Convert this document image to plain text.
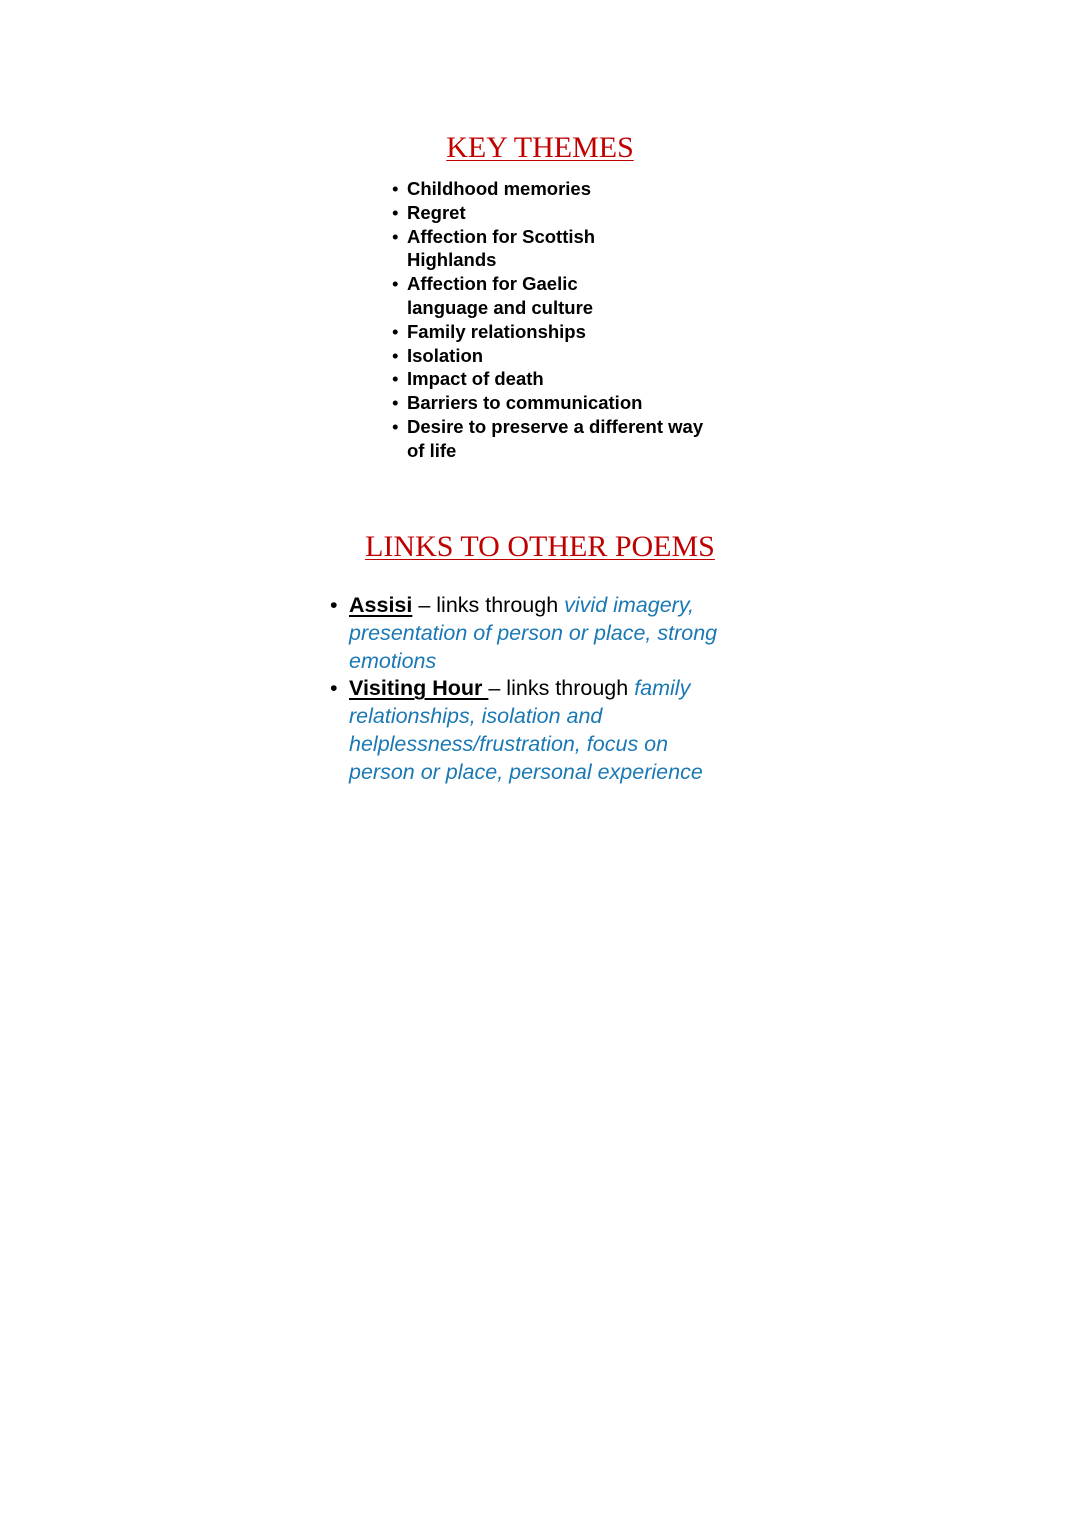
KEY THEMES
• Childhood memories
• Regret
• Affection for Scottish Highlands
• Affection for Gaelic language and culture
• Family relationships
• Isolation
• Impact of death
• Barriers to communication
• Desire to preserve a different way of life
LINKS TO OTHER POEMS
• Assisi – links through vivid imagery, presentation of person or place, strong emotions
• Visiting Hour – links through family relationships, isolation and helplessness/frustration, focus on person or place, personal experience
